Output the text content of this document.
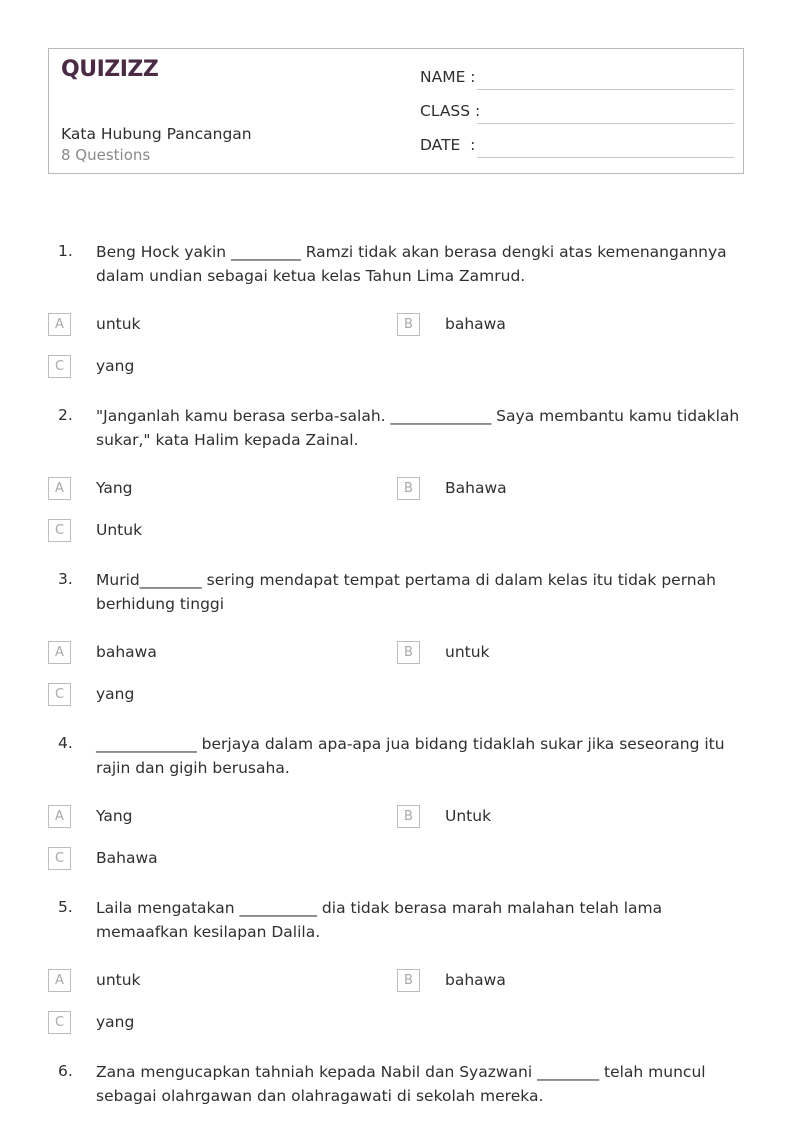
QUIZIZZ
Kata Hubung Pancangan
8 Questions
NAME :
CLASS :
DATE  :
1. Beng Hock yakin _________ Ramzi tidak akan berasa dengki atas kemenangannya dalam undian sebagai ketua kelas Tahun Lima Zamrud.
A	untuk	B	bahawa
C	yang
2. "Janganlah kamu berasa serba-salah. _____________ Saya membantu kamu tidaklah sukar," kata Halim kepada Zainal.
A	Yang	B	Bahawa
C	Untuk
3. Murid________ sering mendapat tempat pertama di dalam kelas itu tidak pernah berhidung tinggi
A	bahawa	B	untuk
C	yang
4. _____________ berjaya dalam apa-apa jua bidang tidaklah sukar jika seseorang itu rajin dan gigih berusaha.
A	Yang	B	Untuk
C	Bahawa
5. Laila mengatakan __________ dia tidak berasa marah malahan telah lama memaafkan kesilapan Dalila.
A	untuk	B	bahawa
C	yang
6. Zana mengucapkan tahniah kepada Nabil dan Syazwani ________ telah muncul sebagai olahrgawan dan olahragawati di sekolah mereka.
